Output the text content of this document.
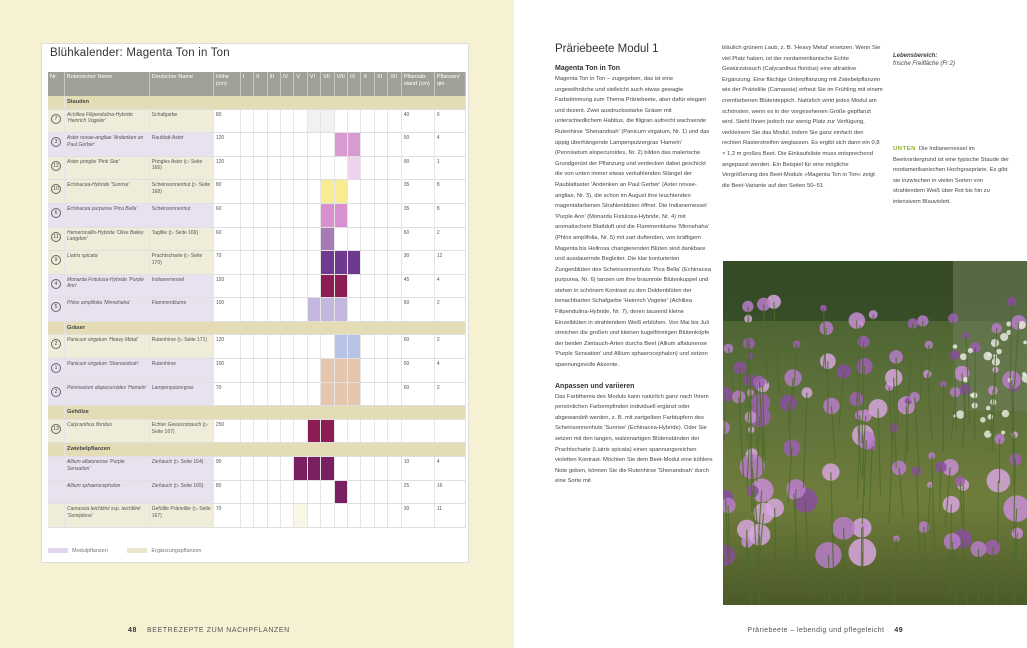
Blühkalender: Magenta Ton in Ton
Nr.	Botanischer Name	Deutscher Name	Höhe (cm)	I	II	III	IV	V	VI	VII	VIII	IX	X	XI	XII	Pflanzabstand (cm)	Pflanzen/ qm
	Stauden																
7	Achillea Filipendulina-Hybride 'Heinrich Vogeler'	Schafgarbe	80													40	6
3	Aster novae-angliae 'Andenken an Paul Gerber'	Raublatt-Aster	120													50	4
12	Aster pringlei 'Pink Star'	Pringles Aster (▷ Seite 166)	120													90	1
10	Echinacea-Hybride 'Sunrise'	Scheinsonnenhut (▷ Seite 168)	80													35	8
6	Echinacea purpurea 'Pica Bella'	Scheinsonnenhut	60													35	8
11	Hemerocallis-Hybride 'Olive Bailey Langdon'	Taglilie (▷ Seite 169)	60													60	2
9	Liatris spicata	Prachtscharte (▷ Seite 170)	70													30	12
4	Monarda Fistulosa-Hybride 'Purple Ann'	Indianernessel	120													45	4
5	Phlox amplifolia 'Minnehaha'	Flammenblume	100													60	2
	Gräser																
2	Panicum virgatum 'Heavy Metal'	Rutenhirse (▷ Seite 171)	120													60	2
1	Panicum virgatum 'Shenandoah'	Rutenhirse	100													50	4
2	Pennisetum alopecuroides 'Hameln'	Lampenputzergras	70													60	2
	Gehölze																
13	Calycanthus floridus	Echter Gewürzstrauch (▷ Seite 167)	250														
	Zwiebelpflanzen																
	Allium aflatunense 'Purple Sensation'	Zierlauch (▷ Seite 164)	90													10	4
	Allium sphaerocephalon	Zierlauch (▷ Seite 165)	80													25	16
	Camassia leichtlinii ssp. leichtlinii 'Semiplena'	Gefüllte Prärielilie (▷ Seite 167)	70													30	11
Modulpflanzen	Ergänzungspflanzen
48 BEETREZEPTE ZUM NACHPFLANZEN
Präriebeete Modul 1
Magenta Ton in Ton
Magenta Ton in Ton – zugegeben, das ist eine ungewöhnliche und vielleicht auch etwas gewagte Farbstimmung zum Thema Präriebeete, aber dafür elegant und dezent. Zwei ausdrucksstarke Gräser mit unterschiedlichem Habitus, die filigran aufrecht wachsende Rutenhirse 'Shenandoah' (Panicum virgatum, Nr. 1) und das üppig überhängende Lampenputzergras 'Hameln' (Pennisetum alopecuroides, Nr. 2) bilden das malerische Grundgerüst der Pflanzung und verdecken dabei geschickt die von unten immer etwas verkahlenden Stängel der Raublattaster 'Andenken an Paul Gerber' (Aster novae-angliae, Nr. 3), die schon im August ihre leuchtenden magentafarbenen Strahlenblüten öffnet. Die Indianernessel 'Purple Ann' (Monarda Fistulosa-Hybride, Nr. 4) mit aromatischem Blattduft und die Flammenblume 'Minnehaha' (Phlox amplifolia, Nr. 5) mit zart duftenden, von kräftigem Magenta bis Hellrosa changierenden Blüten sind dankbare und ausdauernde Begleiter. Die klar konturierten Zungenblüten des Scheinsonnenhuts 'Pica Bella' (Echinacea purpurea, Nr. 6) tanzen um ihre braunrote Blütenkuppel und stehen in schönem Kontrast zu den Doldenblüten der benachbarten Schafgarbe 'Heinrich Vogeler' (Achillea Filipendulina-Hybride, Nr. 7), deren tausend kleine Einzelblüten in strahlendem Weiß erblühen. Von Mai bis Juli streichen die großen und kleinen kugelförmigen Blütenköpfe der beiden Zierlauch-Arten durchs Beet (Allium aflatunense 'Purple Sensation' und Allium sphaerocephalon) und setzen spannungsvolle Akzente.
Anpassen und variieren
Das Farbthema des Moduls kann natürlich ganz nach Ihrem persönlichen Farbempfinden individuell ergänzt oder abgewandelt werden, z. B. mit zartgelben Farbtupfern des Scheinsonnenhuts 'Sunrise' (Echinacea-Hybride). Oder Sie setzen mit den langen, walzenartigen Blütenständen der Prachtscharte (Liatris spicata) einen spannungsreichen violetten Kontrast. Möchten Sie dem Beet-Modul eine kühlere Note geben, können Sie die Rutenhirse 'Shenandoah' durch eine Sorte mit
bläulich grünem Laub, z. B. 'Heavy Metal' ersetzen. Wenn Sie viel Platz haben, ist der nordamerikanische Echte Gewürzstrauch (Calycanthus floridus) eine attraktive Ergänzung. Eine flächige Unterpflanzung mit Zwiebelpflanzen wie der Prärielilie (Camassia) erfreut Sie im Frühling mit einem cremfarbenen Blütenteppich. Natürlich wirkt jedes Modul am schönsten, wenn es in der vorgesehenen Größe gepflanzt wird. Steht Ihnen jedoch nur wenig Platz zur Verfügung, verkleinern Sie das Modul, indem Sie ganz einfach den rechten Rasterstreifen weglassen. Es ergibt sich dann ein 0,8 × 1,2 m großes Beet. Die Einkaufsliste muss entsprechend angepasst werden. Ein Beispiel für eine mögliche Vergrößerung des Beet-Moduls »Magenta Ton in Ton« zeigt die Beet-Variante auf den Seiten 50–51.
Lebensbereich:
frische Freifläche (Fr 2)
UNTEN Die Indianernessel im Beetvordergrund ist eine typische Staude der nordamerikanischen Hochgrasprärie. Es gibt sie inzwischen in vielen Sorten von strahlendem Weiß über Rot bis hin zu intensivem Blauviolett.
Präriebeete – lebendig und pflegeleicht 49
